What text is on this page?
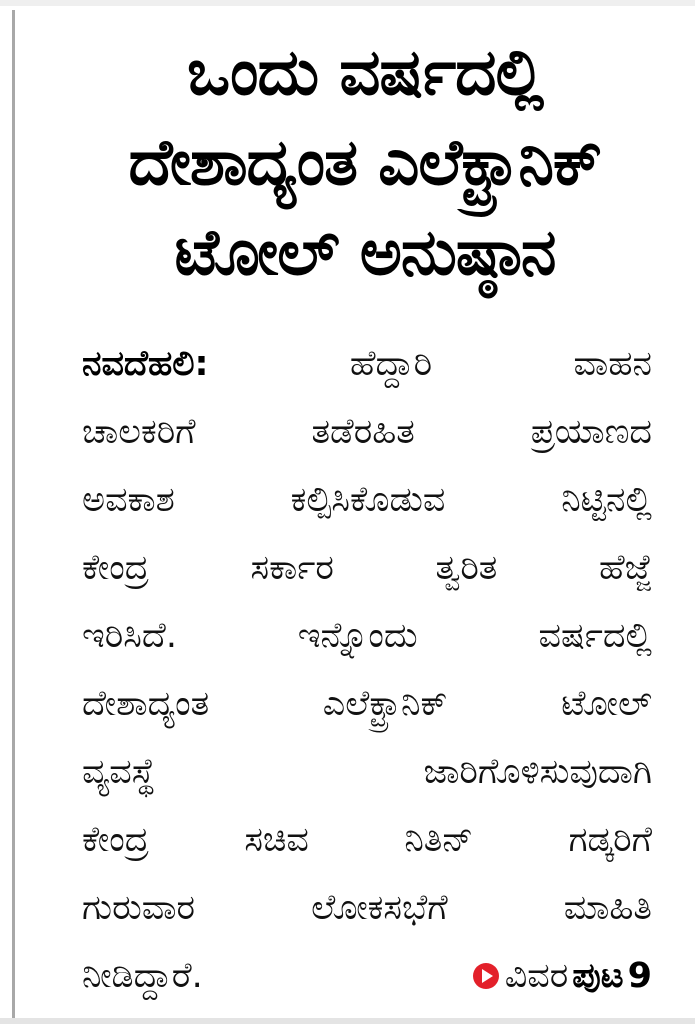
ಒಂದು ವರ್ಷದಲ್ಲಿ
ದೇಶಾದ್ಯಂತ ಎಲೆಕ್ಟ್ರಾನಿಕ್
ಟೋಲ್ ಅನುಷ್ಠಾನ
ನವದೆಹಲಿ:	ಹೆದ್ದಾರಿ	ವಾಹನ
ಚಾಲಕರಿಗೆ	ತಡೆರಹಿತ	ಪ್ರಯಾಣದ
ಅವಕಾಶ	ಕಲ್ಪಿಸಿಕೊಡುವ	ನಿಟ್ಟಿನಲ್ಲಿ
ಕೇಂದ್ರ	ಸರ್ಕಾರ	ತ್ವರಿತ	ಹೆಜ್ಜೆ
ಇರಿಸಿದೆ.	ಇನ್ನೊಂದು	ವರ್ಷದಲ್ಲಿ
ದೇಶಾದ್ಯಂತ	ಎಲೆಕ್ಟ್ರಾನಿಕ್	ಟೋಲ್
ವ್ಯವಸ್ಥೆ	ಜಾರಿಗೊಳಿಸುವುದಾಗಿ
ಕೇಂದ್ರ	ಸಚಿವ	ನಿತಿನ್	ಗಡ್ಕರಿಗೆ
ಗುರುವಾರ	ಲೋಕಸಭೆಗೆ	ಮಾಹಿತಿ
ನೀಡಿದ್ದಾರೆ.	ವಿವರ ಪುಟ 9
